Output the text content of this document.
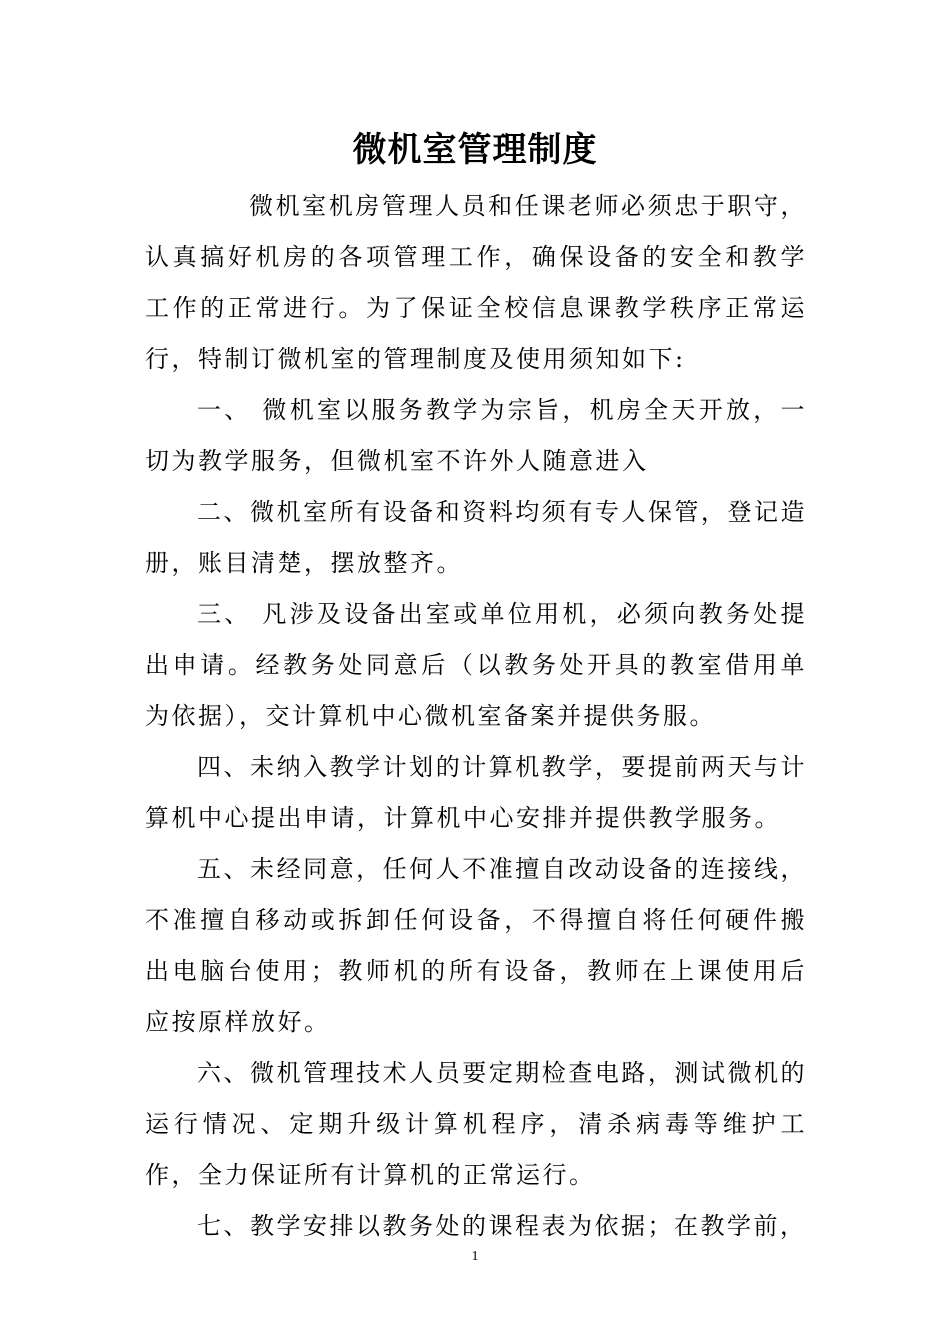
微机室管理制度

微机室机房管理人员和任课老师必须忠于职守，认真搞好机房的各项管理工作，确保设备的安全和教学工作的正常进行。为了保证全校信息课教学秩序正常运行，特制订微机室的管理制度及使用须知如下:

一、 微机室以服务教学为宗旨，机房全天开放，一切为教学服务，但微机室不许外人随意进入

二、微机室所有设备和资料均须有专人保管，登记造册，账目清楚，摆放整齐。

三、 凡涉及设备出室或单位用机，必须向教务处提出申请。经教务处同意后（以教务处开具的教室借用单为依据），交计算机中心微机室备案并提供务服。

四、未纳入教学计划的计算机教学，要提前两天与计算机中心提出申请，计算机中心安排并提供教学服务。

五、未经同意，任何人不准擅自改动设备的连接线，不准擅自移动或拆卸任何设备，不得擅自将任何硬件搬出电脑台使用；教师机的所有设备，教师在上课使用后应按原样放好。

六、微机管理技术人员要定期检查电路，测试微机的运行情况、定期升级计算机程序，清杀病毒等维护工作，全力保证所有计算机的正常运行。

七、教学安排以教务处的课程表为依据；在教学前，

1
